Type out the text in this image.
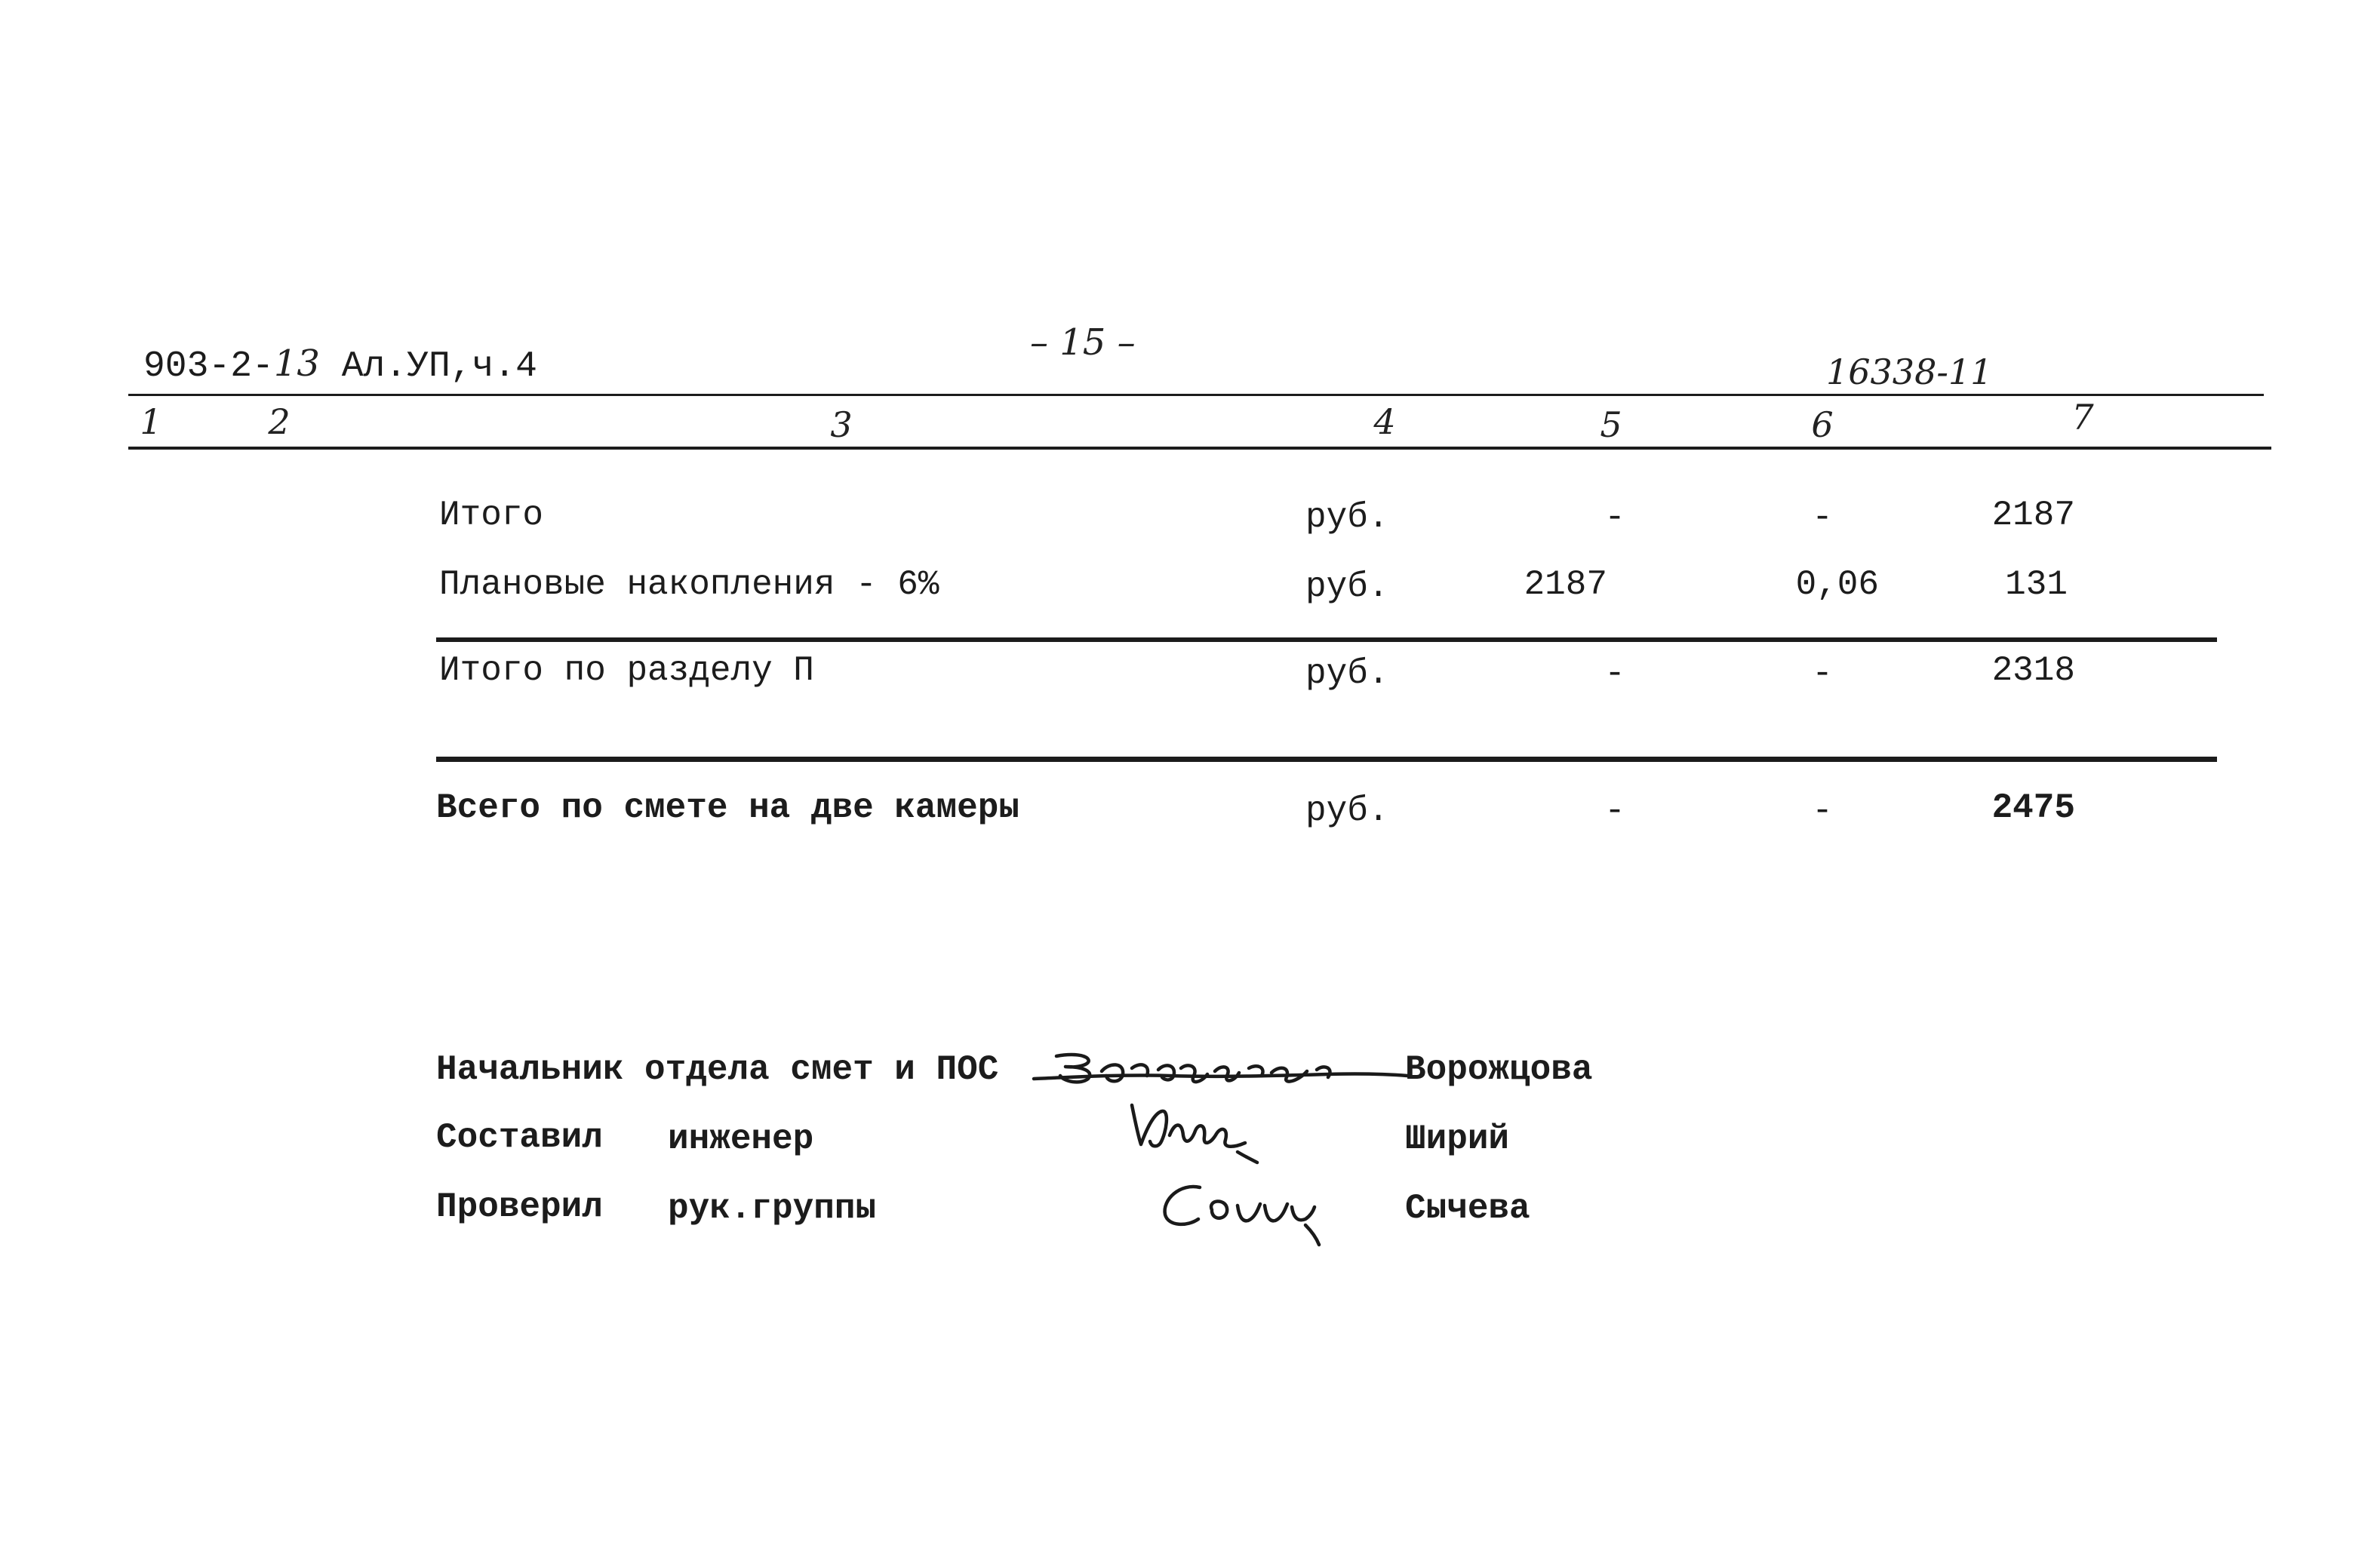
903-2-13 Ал.УП,ч.4
– 15 –
16338-11
1	2	3	4	5	6	7
Итого	руб.	-	-	2187
Плановые накопления - 6%	руб.	2187	0,06	131
Итого по разделу П	руб.	-	-	2318
Всего по смете на две камеры	руб.	-	-	2475
Начальник отдела смет и ПОС	Ворожцова
Составил инженер	Ширий
Проверил рук.группы	Сычева
